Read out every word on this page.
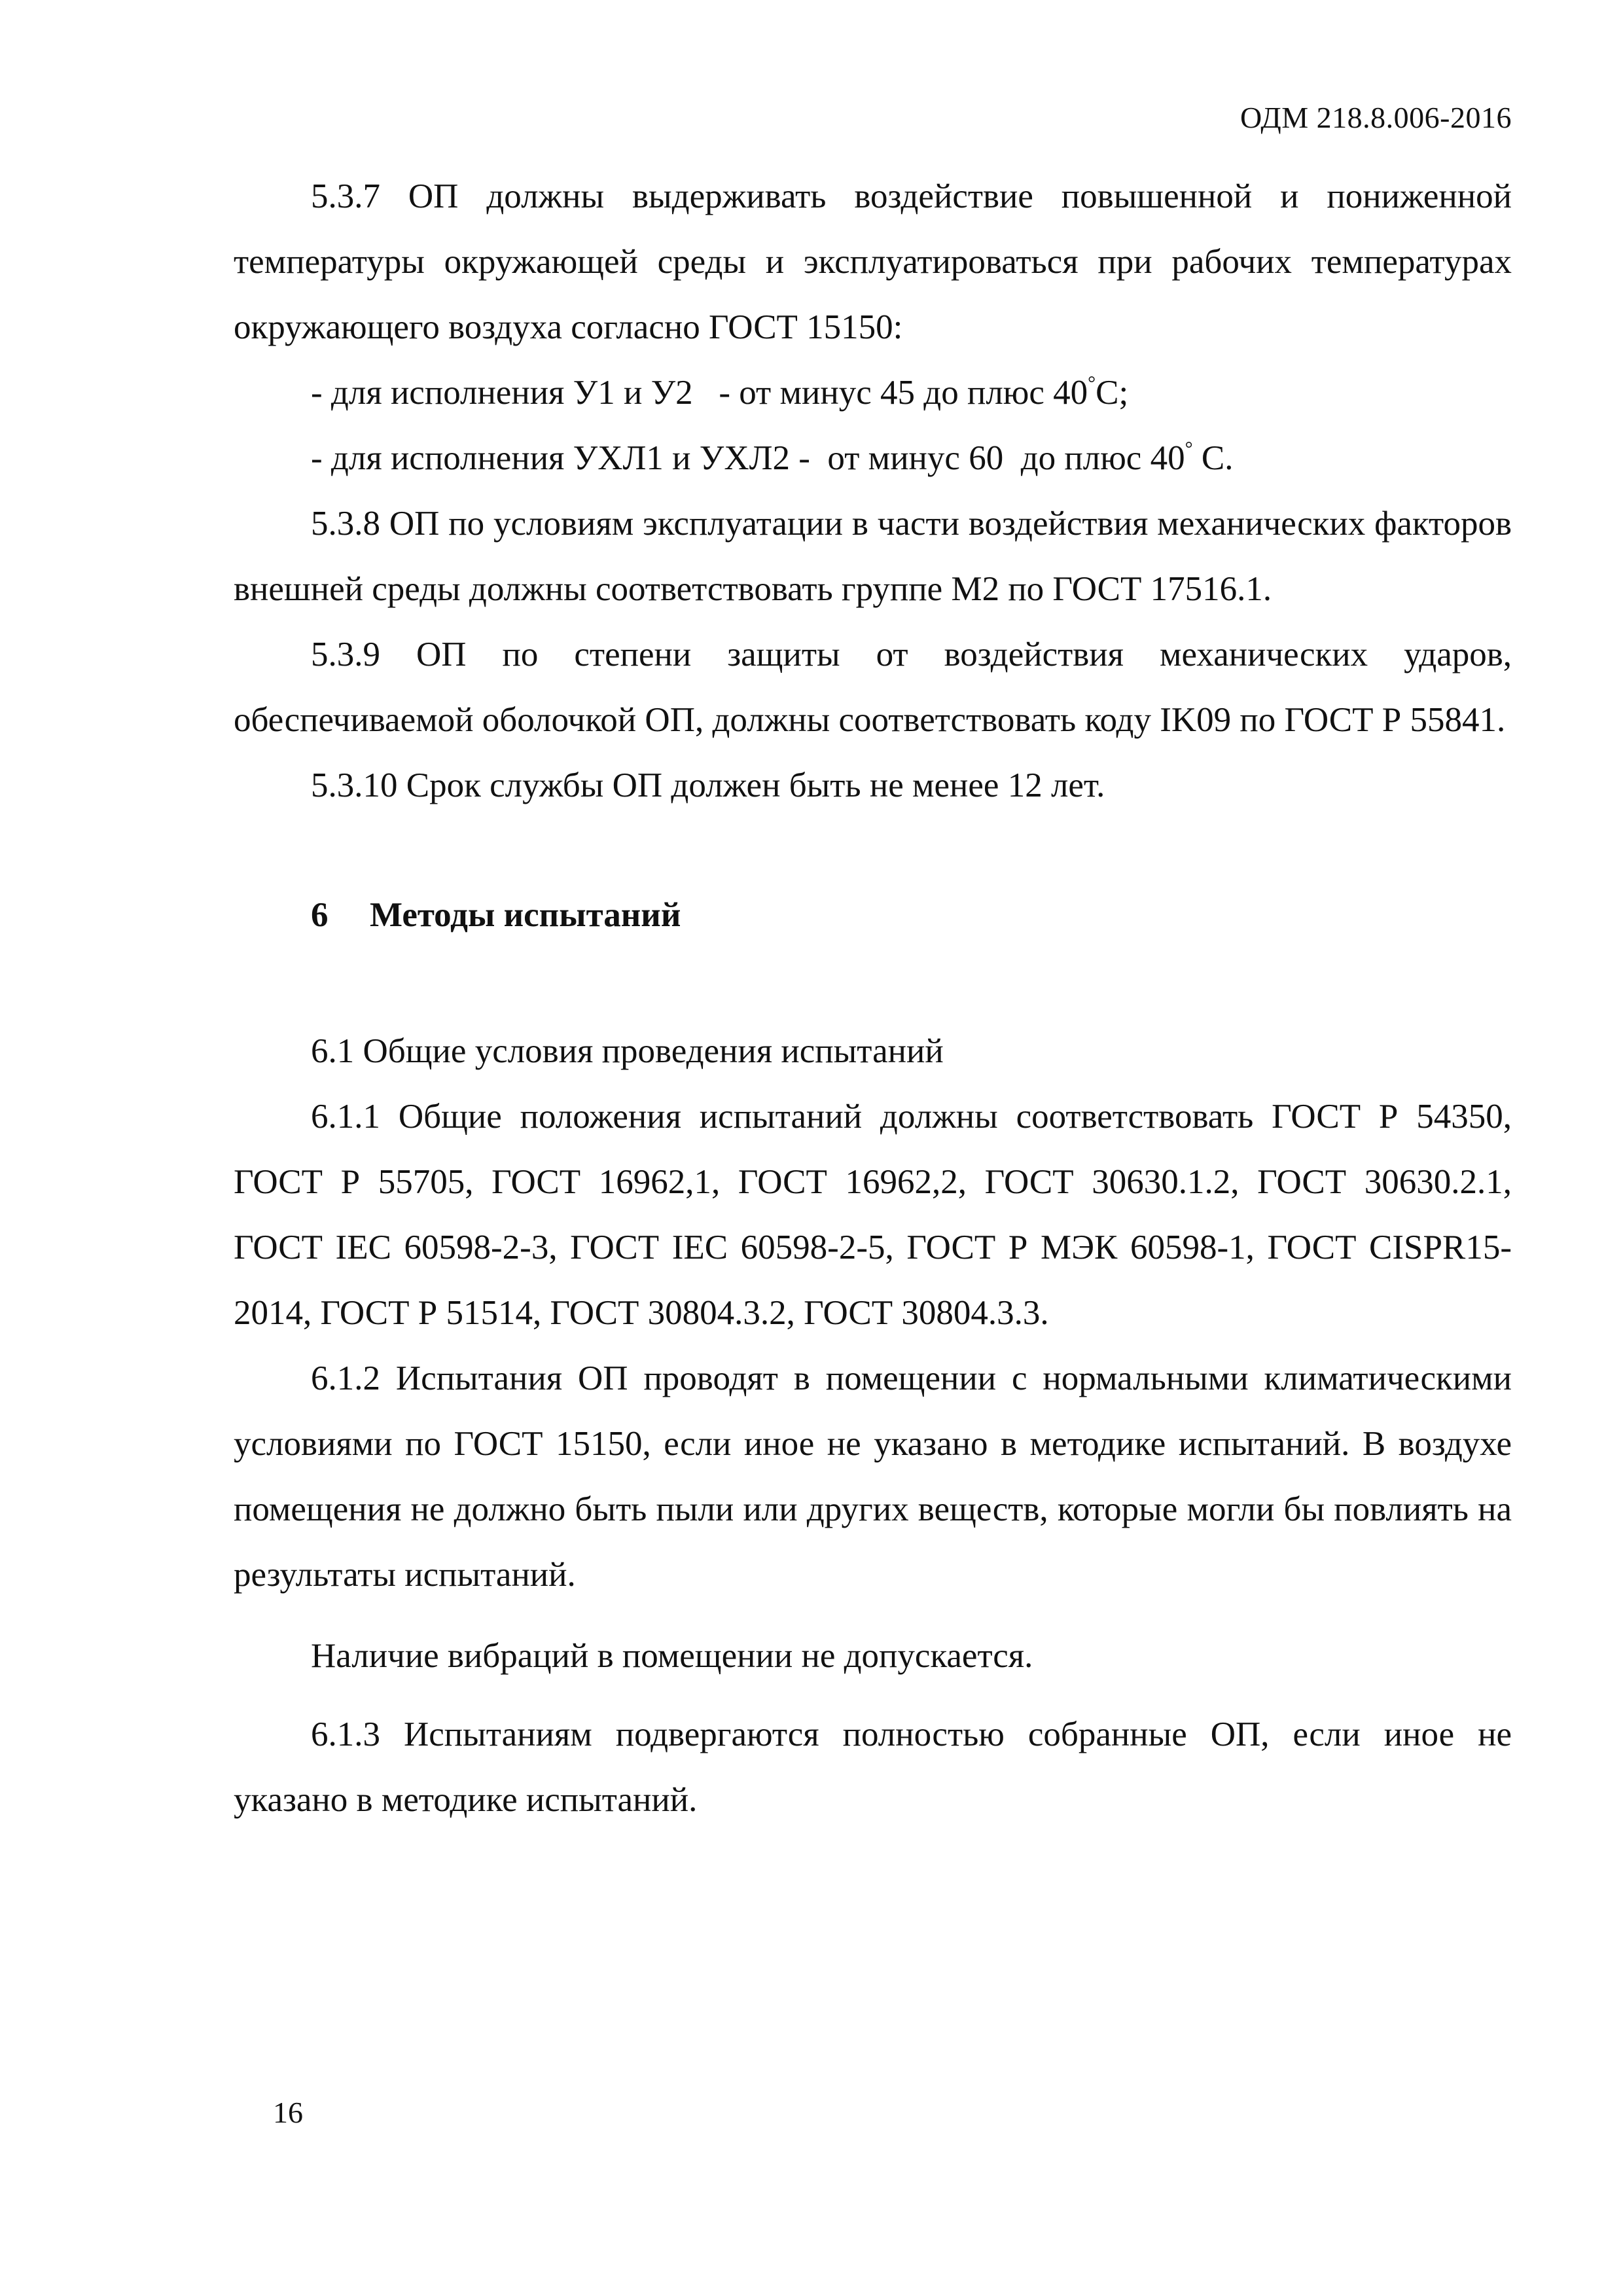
ОДМ 218.8.006-2016

5.3.7 ОП должны выдерживать воздействие повышенной и пониженной температуры окружающей среды и эксплуатироваться при рабочих температурах окружающего воздуха согласно ГОСТ 15150:

- для исполнения У1 и У2   - от минус 45 до плюс 40°С;

- для исполнения УХЛ1 и УХЛ2 -  от минус 60  до плюс 40° С.

5.3.8 ОП по условиям эксплуатации в части воздействия механических факторов внешней среды должны соответствовать группе М2 по ГОСТ 17516.1.

5.3.9 ОП по степени защиты от воздействия механических ударов, обеспечиваемой оболочкой ОП, должны соответствовать коду IK09 по ГОСТ Р 55841.

5.3.10 Срок службы ОП должен быть не менее 12 лет.

6 Методы испытаний

6.1 Общие условия проведения испытаний

6.1.1 Общие положения испытаний должны соответствовать ГОСТ Р 54350, ГОСТ Р 55705, ГОСТ 16962,1, ГОСТ 16962,2, ГОСТ 30630.1.2, ГОСТ 30630.2.1, ГОСТ IEC 60598-2-3, ГОСТ IEC 60598-2-5, ГОСТ Р МЭК 60598-1, ГОСТ CISPR15-2014, ГОСТ Р 51514, ГОСТ 30804.3.2, ГОСТ 30804.3.3.

6.1.2 Испытания ОП проводят в помещении с нормальными климатическими условиями по ГОСТ 15150, если иное не указано в методике испытаний. В воздухе помещения не должно быть пыли или других веществ, которые могли бы повлиять на результаты испытаний.

Наличие вибраций в помещении не допускается.

6.1.3 Испытаниям подвергаются полностью собранные ОП, если иное не указано в методике испытаний.

16
